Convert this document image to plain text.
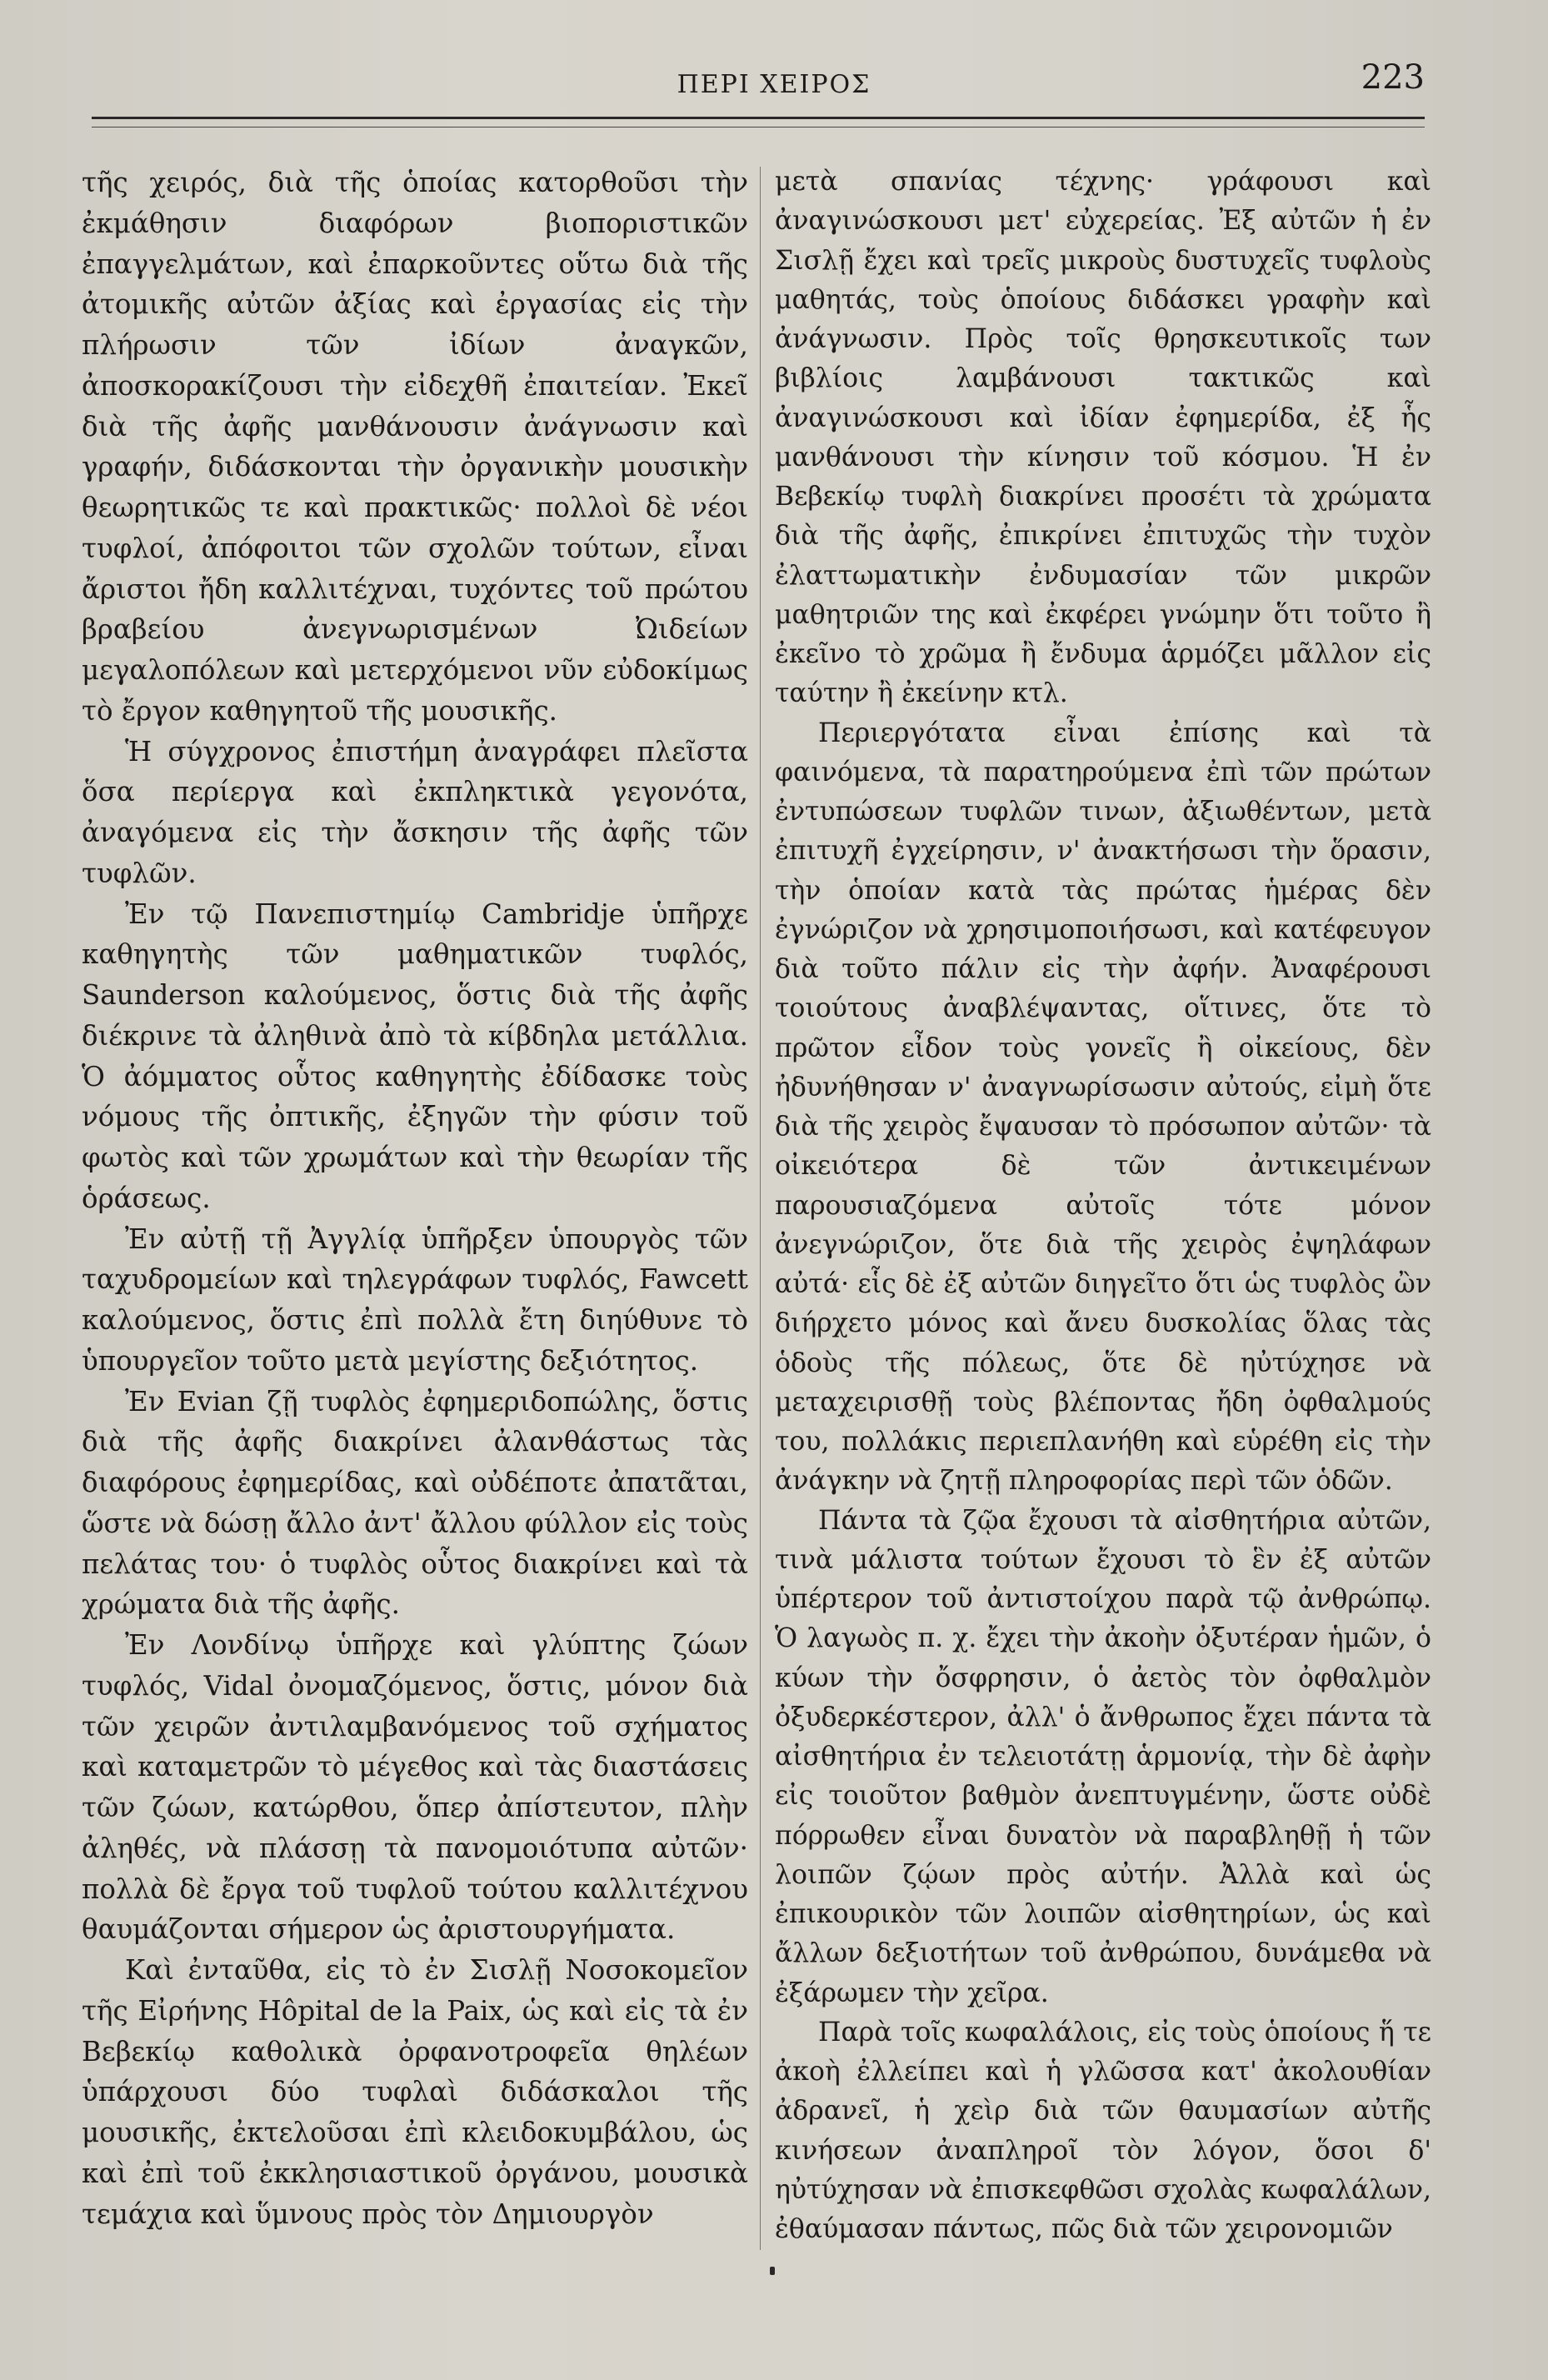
ΠΕΡΙ ΧΕΙΡΟΣ	223

τῆς χειρός, διὰ τῆς ὁποίας κατορθοῦσι τὴν ἐκμάθησιν διαφόρων βιοποριστικῶν ἐπαγγελμάτων, καὶ ἐπαρκοῦντες οὕτω διὰ τῆς ἀτομικῆς αὐτῶν ἀξίας καὶ ἐργασίας εἰς τὴν πλήρωσιν τῶν ἰδίων ἀναγκῶν, ἀποσκορακίζουσι τὴν εἰδεχθῆ ἐπαιτείαν. Ἐκεῖ διὰ τῆς ἀφῆς μανθάνουσιν ἀνάγνωσιν καὶ γραφήν, διδάσκονται τὴν ὀργανικὴν μουσικὴν θεωρητικῶς τε καὶ πρακτικῶς· πολλοὶ δὲ νέοι τυφλοί, ἀπόφοιτοι τῶν σχολῶν τούτων, εἶναι ἄριστοι ἤδη καλλιτέχναι, τυχόντες τοῦ πρώτου βραβείου ἀνεγνωρισμένων Ὠιδείων μεγαλοπόλεων καὶ μετερχόμενοι νῦν εὐδοκίμως τὸ ἔργον καθηγητοῦ τῆς μουσικῆς.

Ἡ σύγχρονος ἐπιστήμη ἀναγράφει πλεῖστα ὅσα περίεργα καὶ ἐκπληκτικὰ γεγονότα, ἀναγόμενα εἰς τὴν ἄσκησιν τῆς ἀφῆς τῶν τυφλῶν.

Ἐν τῷ Πανεπιστημίῳ Cambridje ὑπῆρχε καθηγητὴς τῶν μαθηματικῶν τυφλός, Saunderson καλούμενος, ὅστις διὰ τῆς ἀφῆς διέκρινε τὰ ἀληθινὰ ἀπὸ τὰ κίβδηλα μετάλλια. Ὁ ἀόμματος οὗτος καθηγητὴς ἐδίδασκε τοὺς νόμους τῆς ὀπτικῆς, ἐξηγῶν τὴν φύσιν τοῦ φωτὸς καὶ τῶν χρωμάτων καὶ τὴν θεωρίαν τῆς ὁράσεως.

Ἐν αὐτῇ τῇ Ἀγγλίᾳ ὑπῆρξεν ὑπουργὸς τῶν ταχυδρομείων καὶ τηλεγράφων τυφλός, Fawcett καλούμενος, ὅστις ἐπὶ πολλὰ ἔτη διηύθυνε τὸ ὑπουργεῖον τοῦτο μετὰ μεγίστης δεξιότητος.

Ἐν Evian ζῇ τυφλὸς ἐφημεριδοπώλης, ὅστις διὰ τῆς ἀφῆς διακρίνει ἀλανθάστως τὰς διαφόρους ἐφημερίδας, καὶ οὐδέποτε ἀπατᾶται, ὥστε νὰ δώσῃ ἄλλο ἀντ' ἄλλου φύλλον εἰς τοὺς πελάτας του· ὁ τυφλὸς οὗτος διακρίνει καὶ τὰ χρώματα διὰ τῆς ἀφῆς.

Ἐν Λονδίνῳ ὑπῆρχε καὶ γλύπτης ζώων τυφλός, Vidal ὀνομαζόμενος, ὅστις, μόνον διὰ τῶν χειρῶν ἀντιλαμβανόμενος τοῦ σχήματος καὶ καταμετρῶν τὸ μέγεθος καὶ τὰς διαστάσεις τῶν ζώων, κατώρθου, ὅπερ ἀπίστευτον, πλὴν ἀληθές, νὰ πλάσσῃ τὰ πανομοιότυπα αὐτῶν· πολλὰ δὲ ἔργα τοῦ τυφλοῦ τούτου καλλιτέχνου θαυμάζονται σήμερον ὡς ἀριστουργήματα.

Καὶ ἐνταῦθα, εἰς τὸ ἐν Σισλῇ Νοσοκομεῖον τῆς Εἰρήνης Hôpital de la Paix, ὡς καὶ εἰς τὰ ἐν Βεβεκίῳ καθολικὰ ὀρφανοτροφεῖα θηλέων ὑπάρχουσι δύο τυφλαὶ διδάσκαλοι τῆς μουσικῆς, ἐκτελοῦσαι ἐπὶ κλειδοκυμβάλου, ὡς καὶ ἐπὶ τοῦ ἐκκλησιαστικοῦ ὀργάνου, μουσικὰ τεμάχια καὶ ὕμνους πρὸς τὸν Δημιουργὸν

μετὰ σπανίας τέχνης· γράφουσι καὶ ἀναγινώσκουσι μετ' εὐχερείας. Ἐξ αὐτῶν ἡ ἐν Σισλῇ ἔχει καὶ τρεῖς μικροὺς δυστυχεῖς τυφλοὺς μαθητάς, τοὺς ὁποίους διδάσκει γραφὴν καὶ ἀνάγνωσιν. Πρὸς τοῖς θρησκευτικοῖς των βιβλίοις λαμβάνουσι τακτικῶς καὶ ἀναγινώσκουσι καὶ ἰδίαν ἐφημερίδα, ἐξ ἧς μανθάνουσι τὴν κίνησιν τοῦ κόσμου. Ἡ ἐν Βεβεκίῳ τυφλὴ διακρίνει προσέτι τὰ χρώματα διὰ τῆς ἀφῆς, ἐπικρίνει ἐπιτυχῶς τὴν τυχὸν ἐλαττωματικὴν ἐνδυμασίαν τῶν μικρῶν μαθητριῶν της καὶ ἐκφέρει γνώμην ὅτι τοῦτο ἢ ἐκεῖνο τὸ χρῶμα ἢ ἔνδυμα ἁρμόζει μᾶλλον εἰς ταύτην ἢ ἐκείνην κτλ.

Περιεργότατα εἶναι ἐπίσης καὶ τὰ φαινόμενα, τὰ παρατηρούμενα ἐπὶ τῶν πρώτων ἐντυπώσεων τυφλῶν τινων, ἀξιωθέντων, μετὰ ἐπιτυχῆ ἐγχείρησιν, ν' ἀνακτήσωσι τὴν ὅρασιν, τὴν ὁποίαν κατὰ τὰς πρώτας ἡμέρας δὲν ἐγνώριζον νὰ χρησιμοποιήσωσι, καὶ κατέφευγον διὰ τοῦτο πάλιν εἰς τὴν ἀφήν. Ἀναφέρουσι τοιούτους ἀναβλέψαντας, οἵτινες, ὅτε τὸ πρῶτον εἶδον τοὺς γονεῖς ἢ οἰκείους, δὲν ἠδυνήθησαν ν' ἀναγνωρίσωσιν αὐτούς, εἰμὴ ὅτε διὰ τῆς χειρὸς ἔψαυσαν τὸ πρόσωπον αὐτῶν· τὰ οἰκειότερα δὲ τῶν ἀντικειμένων παρουσιαζόμενα αὐτοῖς τότε μόνον ἀνεγνώριζον, ὅτε διὰ τῆς χειρὸς ἐψηλάφων αὐτά· εἷς δὲ ἐξ αὐτῶν διηγεῖτο ὅτι ὡς τυφλὸς ὢν διήρχετο μόνος καὶ ἄνευ δυσκολίας ὅλας τὰς ὁδοὺς τῆς πόλεως, ὅτε δὲ ηὐτύχησε νὰ μεταχειρισθῇ τοὺς βλέποντας ἤδη ὀφθαλμούς του, πολλάκις περιεπλανήθη καὶ εὑρέθη εἰς τὴν ἀνάγκην νὰ ζητῇ πληροφορίας περὶ τῶν ὁδῶν.

Πάντα τὰ ζῷα ἔχουσι τὰ αἰσθητήρια αὐτῶν, τινὰ μάλιστα τούτων ἔχουσι τὸ ἓν ἐξ αὐτῶν ὑπέρτερον τοῦ ἀντιστοίχου παρὰ τῷ ἀνθρώπῳ. Ὁ λαγωὸς π. χ. ἔχει τὴν ἀκοὴν ὀξυτέραν ἡμῶν, ὁ κύων τὴν ὄσφρησιν, ὁ ἀετὸς τὸν ὀφθαλμὸν ὀξυδερκέστερον, ἀλλ' ὁ ἄνθρωπος ἔχει πάντα τὰ αἰσθητήρια ἐν τελειοτάτῃ ἁρμονίᾳ, τὴν δὲ ἀφὴν εἰς τοιοῦτον βαθμὸν ἀνεπτυγμένην, ὥστε οὐδὲ πόρρωθεν εἶναι δυνατὸν νὰ παραβληθῇ ἡ τῶν λοιπῶν ζῴων πρὸς αὐτήν. Ἀλλὰ καὶ ὡς ἐπικουρικὸν τῶν λοιπῶν αἰσθητηρίων, ὡς καὶ ἄλλων δεξιοτήτων τοῦ ἀνθρώπου, δυνάμεθα νὰ ἐξάρωμεν τὴν χεῖρα.

Παρὰ τοῖς κωφαλάλοις, εἰς τοὺς ὁποίους ἥ τε ἀκοὴ ἐλλείπει καὶ ἡ γλῶσσα κατ' ἀκολουθίαν ἀδρανεῖ, ἡ χεὶρ διὰ τῶν θαυμασίων αὐτῆς κινήσεων ἀναπληροῖ τὸν λόγον, ὅσοι δ' ηὐτύχησαν νὰ ἐπισκεφθῶσι σχολὰς κωφαλάλων, ἐθαύμασαν πάντως, πῶς διὰ τῶν χειρονομιῶν
